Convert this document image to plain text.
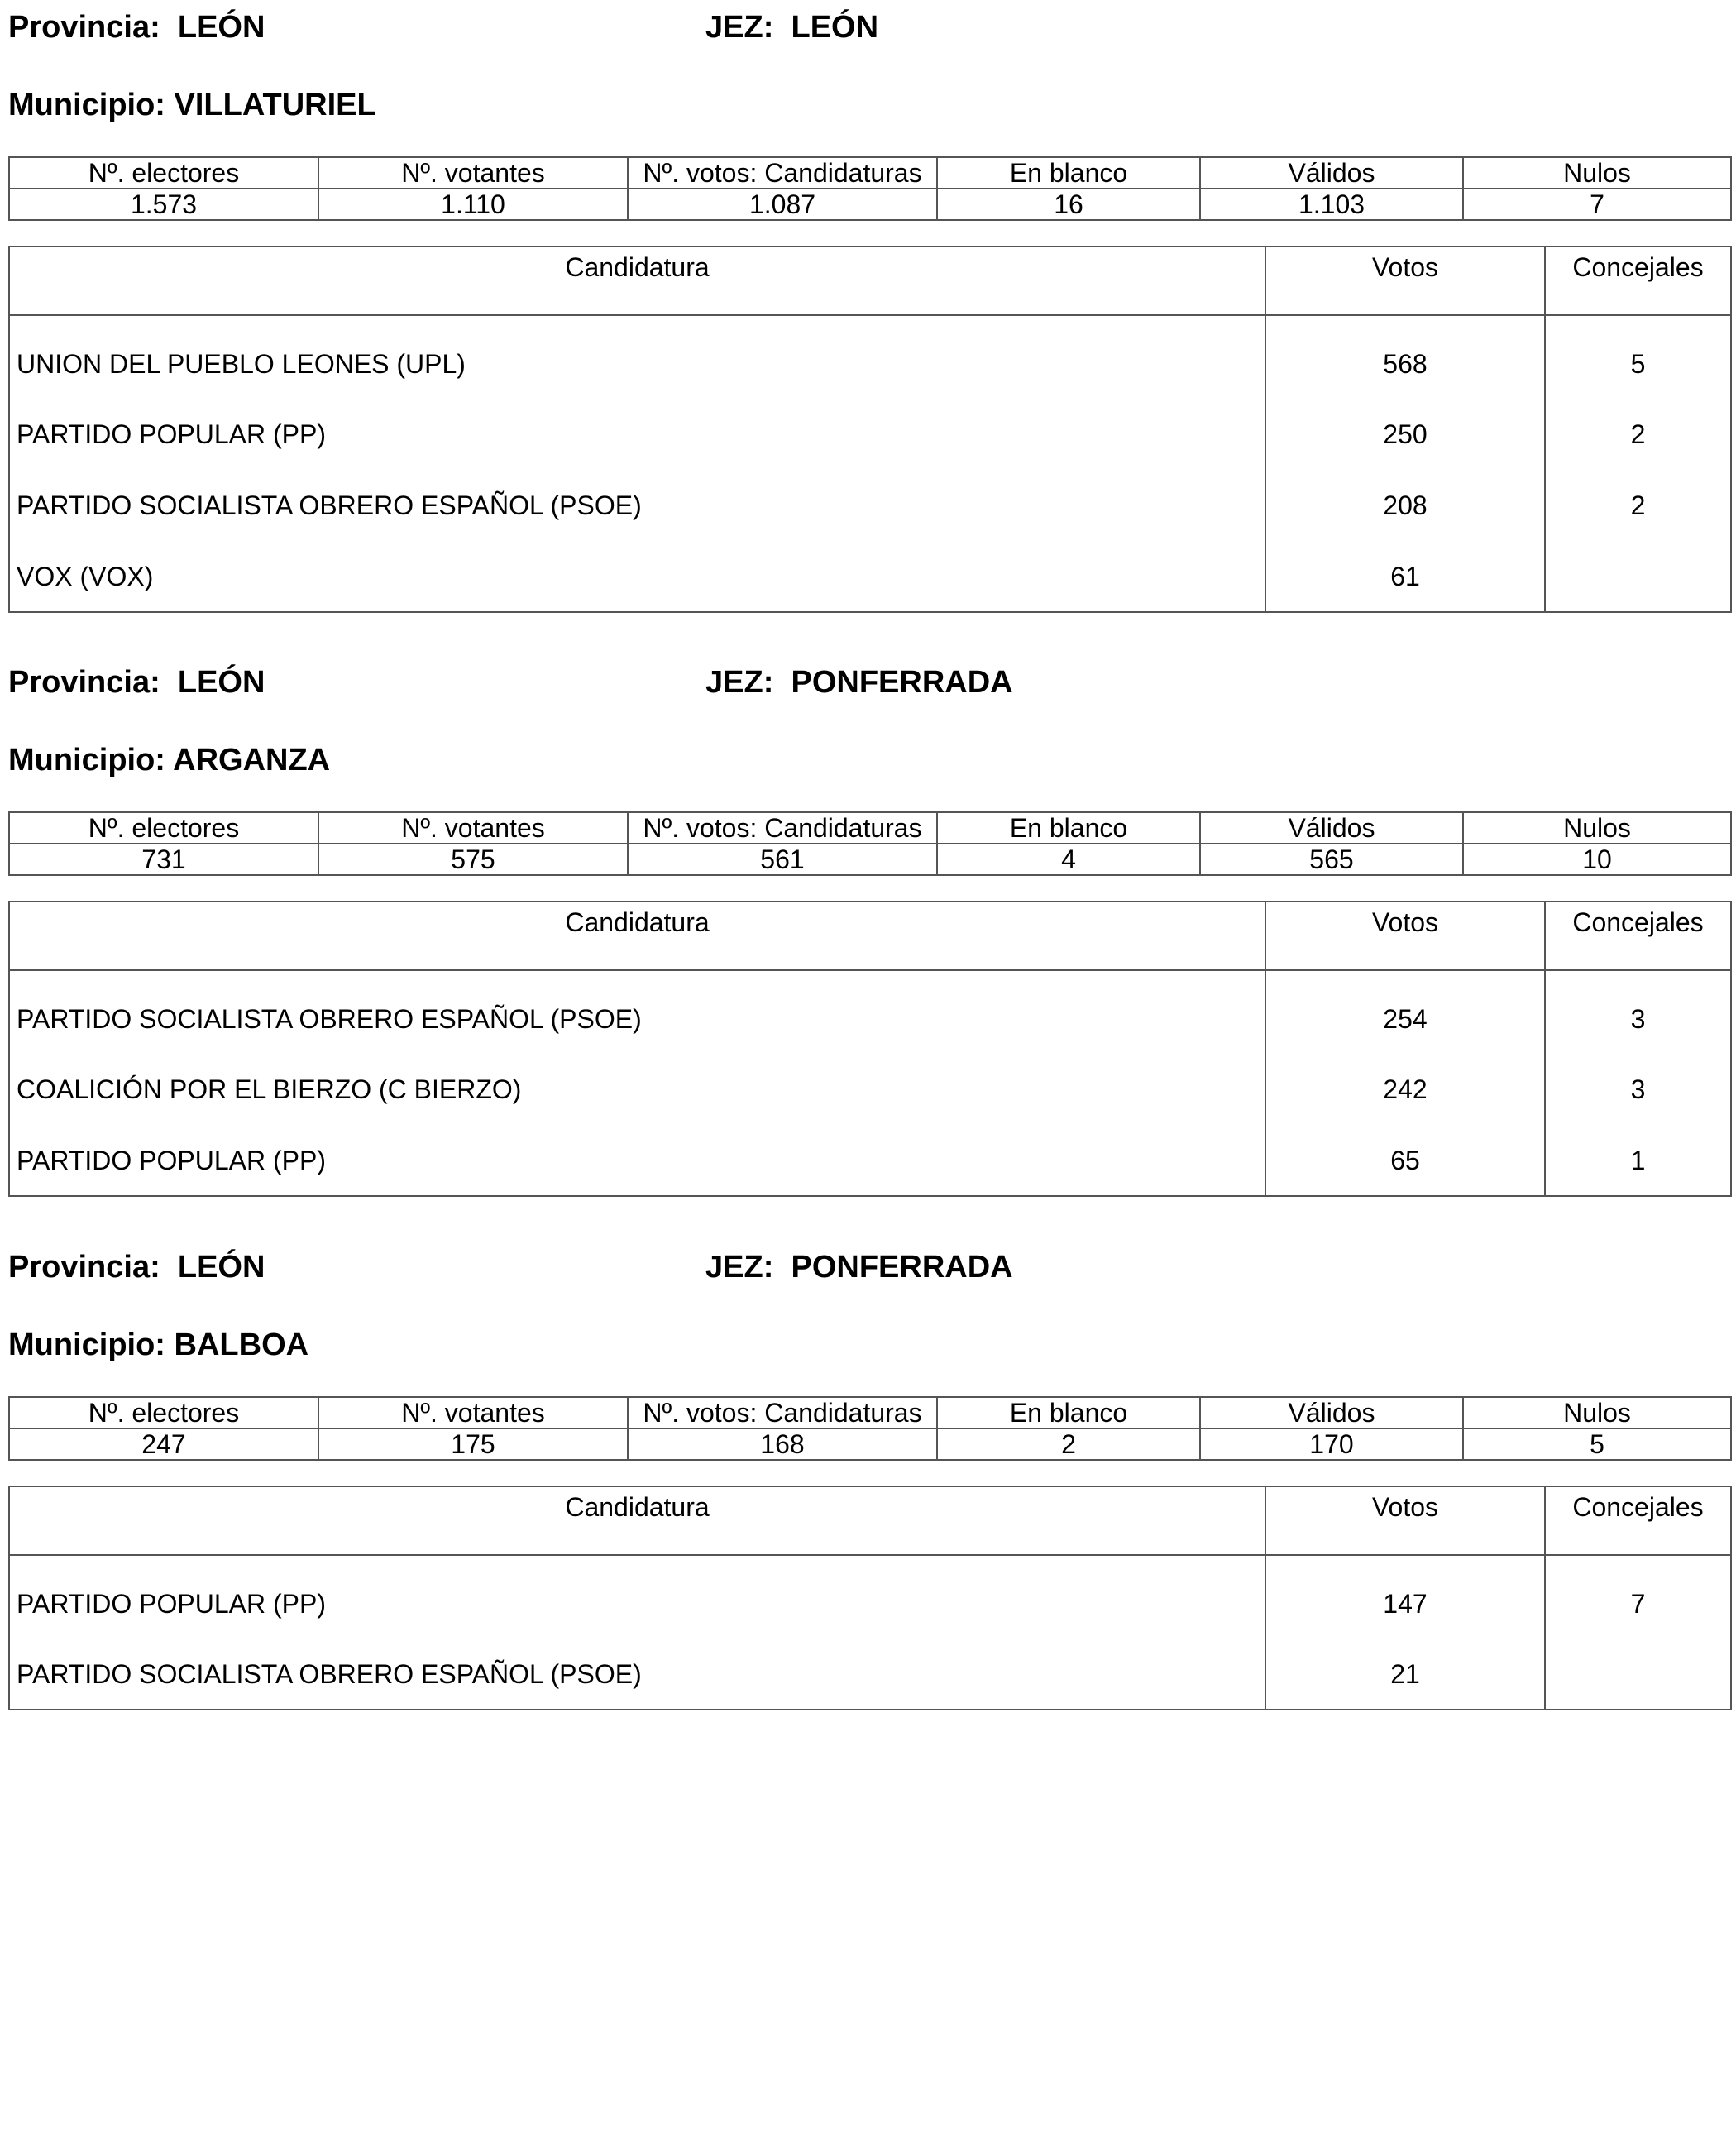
Provincia: LEÓN	JEZ: LEÓN
Municipio: VILLATURIEL
Nº. electores	Nº. votantes	Nº. votos: Candidaturas	En blanco	Válidos	Nulos
1.573	1.110	1.087	16	1.103	7
Candidatura	Votos	Concejales
UNION DEL PUEBLO LEONES (UPL)	568	5
PARTIDO POPULAR (PP)	250	2
PARTIDO SOCIALISTA OBRERO ESPAÑOL (PSOE)	208	2
VOX (VOX)	61	
Provincia: LEÓN	JEZ: PONFERRADA
Municipio: ARGANZA
Nº. electores	Nº. votantes	Nº. votos: Candidaturas	En blanco	Válidos	Nulos
731	575	561	4	565	10
Candidatura	Votos	Concejales
PARTIDO SOCIALISTA OBRERO ESPAÑOL (PSOE)	254	3
COALICIÓN POR EL BIERZO (C BIERZO)	242	3
PARTIDO POPULAR (PP)	65	1
Provincia: LEÓN	JEZ: PONFERRADA
Municipio: BALBOA
Nº. electores	Nº. votantes	Nº. votos: Candidaturas	En blanco	Válidos	Nulos
247	175	168	2	170	5
Candidatura	Votos	Concejales
PARTIDO POPULAR (PP)	147	7
PARTIDO SOCIALISTA OBRERO ESPAÑOL (PSOE)	21	
